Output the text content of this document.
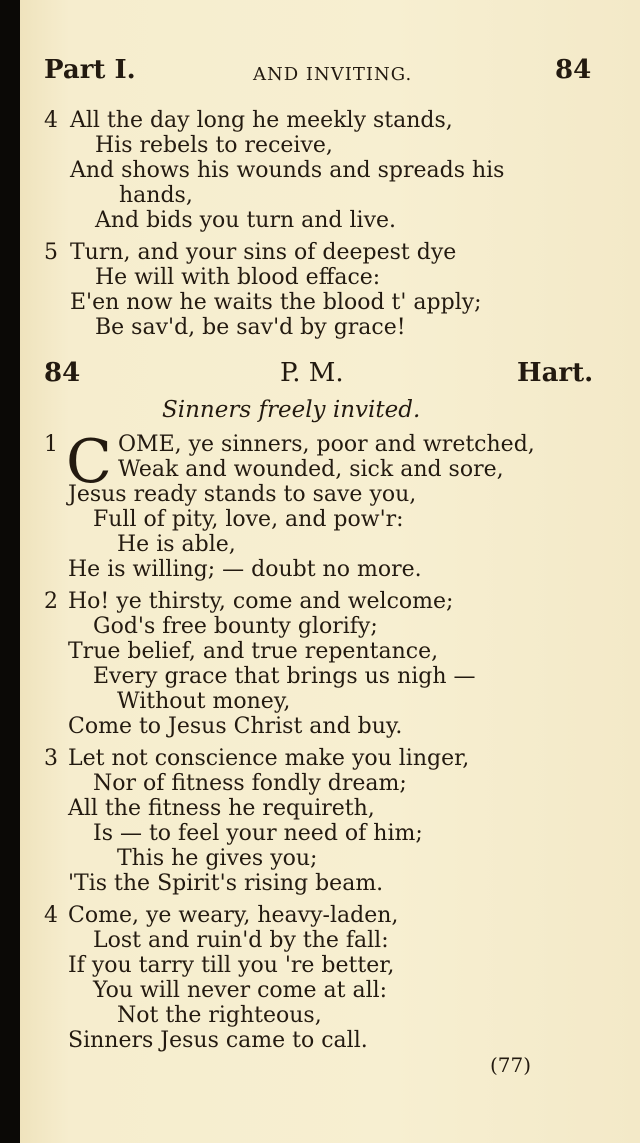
Part I.	AND INVITING.	84
4 All the day long he meekly stands,
His rebels to receive,
And shows his wounds and spreads his
hands,
And bids you turn and live.
5 Turn, and your sins of deepest dye
He will with blood efface:
E'en now he waits the blood t' apply;
Be sav'd, be sav'd by grace!
84	P. M.	Hart.
Sinners freely invited.
1 C OME, ye sinners, poor and wretched,
Weak and wounded, sick and sore,
Jesus ready stands to save you,
Full of pity, love, and pow'r:
He is able,
He is willing; — doubt no more.
2 Ho! ye thirsty, come and welcome;
God's free bounty glorify;
True belief, and true repentance,
Every grace that brings us nigh —
Without money,
Come to Jesus Christ and buy.
3 Let not conscience make you linger,
Nor of fitness fondly dream;
All the fitness he requireth,
Is — to feel your need of him;
This he gives you;
'Tis the Spirit's rising beam.
4 Come, ye weary, heavy-laden,
Lost and ruin'd by the fall:
If you tarry till you 're better,
You will never come at all:
Not the righteous,
Sinners Jesus came to call.
(77)
